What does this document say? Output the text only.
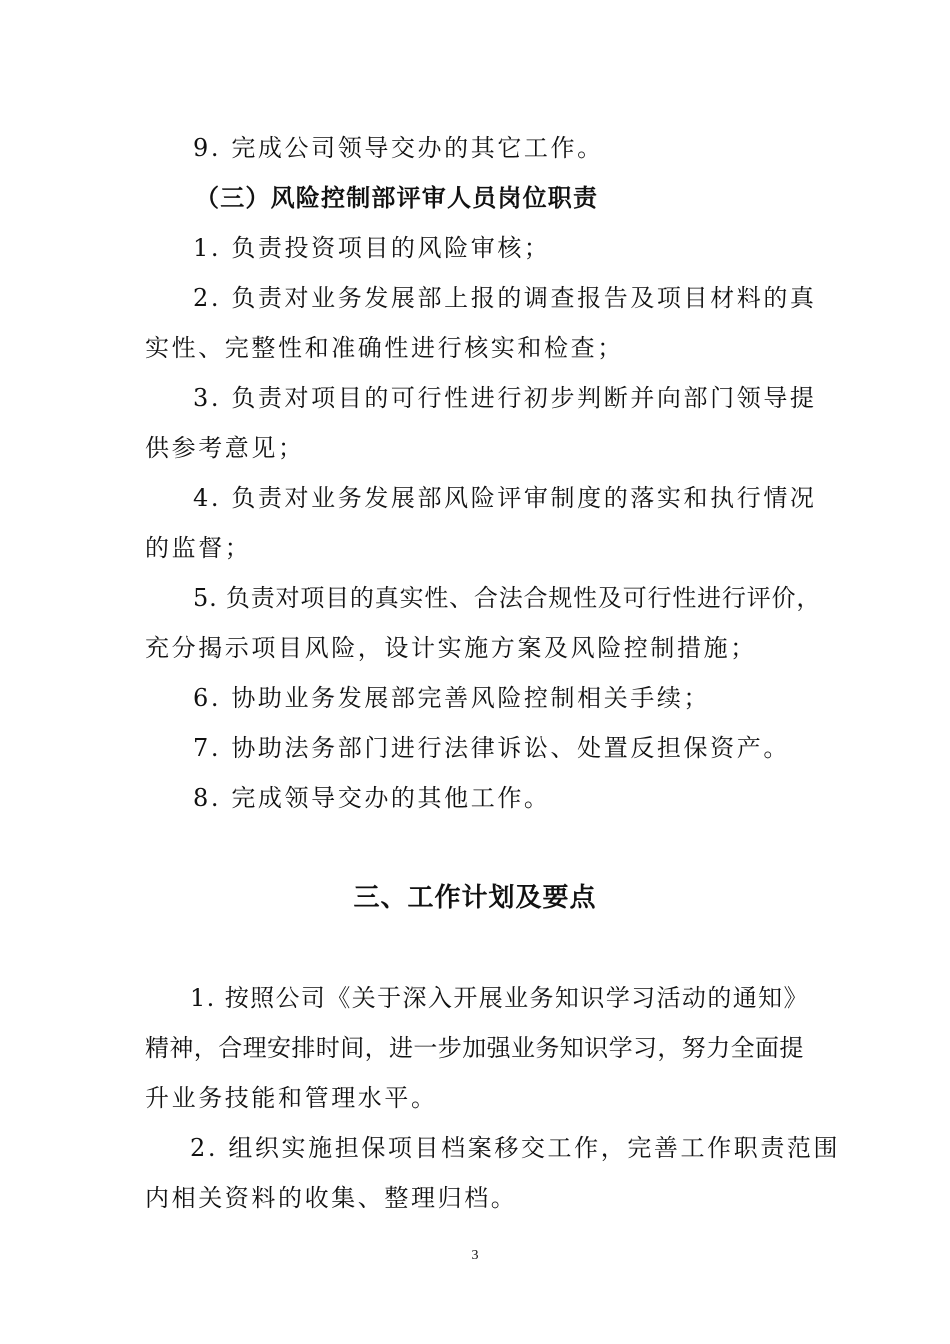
9. 完成公司领导交办的其它工作。
（三）风险控制部评审人员岗位职责
1. 负责投资项目的风险审核；
2. 负责对业务发展部上报的调查报告及项目材料的真
实性、完整性和准确性进行核实和检查；
3. 负责对项目的可行性进行初步判断并向部门领导提
供参考意见；
4. 负责对业务发展部风险评审制度的落实和执行情况
的监督；
5. 负责对项目的真实性、合法合规性及可行性进行评价，
充分揭示项目风险，设计实施方案及风险控制措施；
6. 协助业务发展部完善风险控制相关手续；
7. 协助法务部门进行法律诉讼、处置反担保资产。
8. 完成领导交办的其他工作。
三、工作计划及要点
1. 按照公司《关于深入开展业务知识学习活动的通知》
精神，合理安排时间，进一步加强业务知识学习，努力全面提
升业务技能和管理水平。
2. 组织实施担保项目档案移交工作，完善工作职责范围
内相关资料的收集、整理归档。
3
